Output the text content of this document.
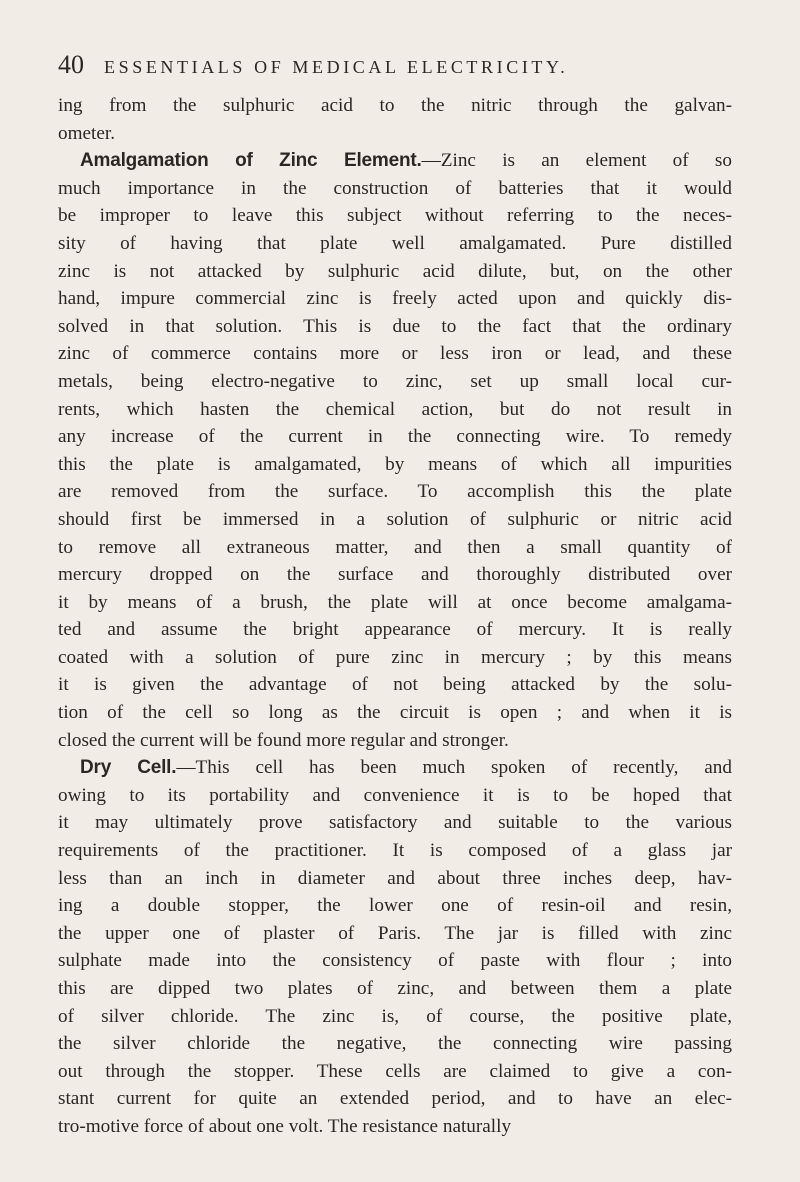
40 ESSENTIALS OF MEDICAL ELECTRICITY.
ing from the sulphuric acid to the nitric through the galvan-
ometer.
Amalgamation of Zinc Element.—Zinc is an element of so
much importance in the construction of batteries that it would
be improper to leave this subject without referring to the neces-
sity of having that plate well amalgamated. Pure distilled
zinc is not attacked by sulphuric acid dilute, but, on the other
hand, impure commercial zinc is freely acted upon and quickly dis-
solved in that solution. This is due to the fact that the ordinary
zinc of commerce contains more or less iron or lead, and these
metals, being electro-negative to zinc, set up small local cur-
rents, which hasten the chemical action, but do not result in
any increase of the current in the connecting wire. To remedy
this the plate is amalgamated, by means of which all impurities
are removed from the surface. To accomplish this the plate
should first be immersed in a solution of sulphuric or nitric acid
to remove all extraneous matter, and then a small quantity of
mercury dropped on the surface and thoroughly distributed over
it by means of a brush, the plate will at once become amalgama-
ted and assume the bright appearance of mercury. It is really
coated with a solution of pure zinc in mercury ; by this means
it is given the advantage of not being attacked by the solu-
tion of the cell so long as the circuit is open ; and when it is
closed the current will be found more regular and stronger.
Dry Cell.—This cell has been much spoken of recently, and
owing to its portability and convenience it is to be hoped that
it may ultimately prove satisfactory and suitable to the various
requirements of the practitioner. It is composed of a glass jar
less than an inch in diameter and about three inches deep, hav-
ing a double stopper, the lower one of resin-oil and resin,
the upper one of plaster of Paris. The jar is filled with zinc
sulphate made into the consistency of paste with flour ; into
this are dipped two plates of zinc, and between them a plate
of silver chloride. The zinc is, of course, the positive plate,
the silver chloride the negative, the connecting wire passing
out through the stopper. These cells are claimed to give a con-
stant current for quite an extended period, and to have an elec-
tro-motive force of about one volt. The resistance naturally
